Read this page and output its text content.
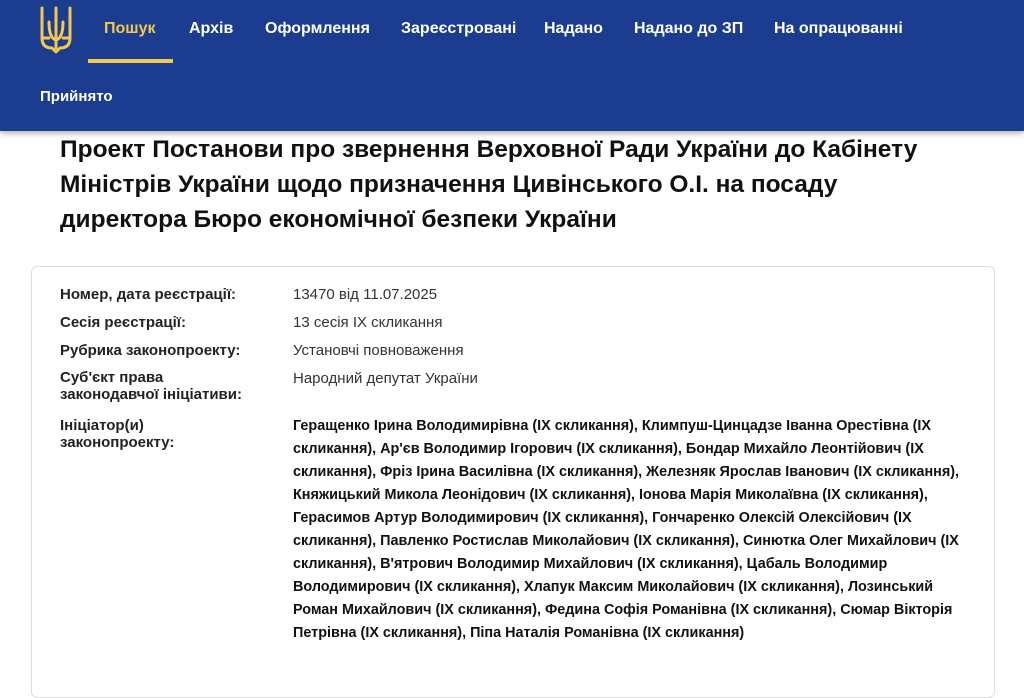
Пошук Архів Оформлення Зареєстровані Надано Надано до ЗП На опрацюванні
Прийнято
Проект Постанови про звернення Верховної Ради України до Кабінету Міністрів України щодо призначення Цивінського О.І. на посаду директора Бюро економічної безпеки України
Номер, дата реєстрації:	13470 від 11.07.2025
Сесія реєстрації:	13 сесія IX скликання
Рубрика законопроекту:	Установчі повноваження
Суб'єкт права законодавчої ініціативи:
Народний депутат України
Ініціатор(и) законопроекту:
Геращенко Ірина Володимирівна (IX скликання), Климпуш-Цинцадзе Іванна Орестівна (IX скликання), Ар'єв Володимир Ігорович (IX скликання), Бондар Михайло Леонтійович (IX скликання), Фріз Ірина Василівна (IX скликання), Железняк Ярослав Іванович (IX скликання), Княжицький Микола Леонідович (IX скликання), Іонова Марія Миколаївна (IX скликання), Герасимов Артур Володимирович (IX скликання), Гончаренко Олексій Олексійович (IX скликання), Павленко Ростислав Миколайович (IX скликання), Синютка Олег Михайлович (IX скликання), В'ятрович Володимир Михайлович (IX скликання), Цабаль Володимир Володимирович (IX скликання), Хлапук Максим Миколайович (IX скликання), Лозинський Роман Михайлович (IX скликання), Федина Софія Романівна (IX скликання), Сюмар Вікторія Петрівна (IX скликання), Піпа Наталія Романівна (IX скликання)
